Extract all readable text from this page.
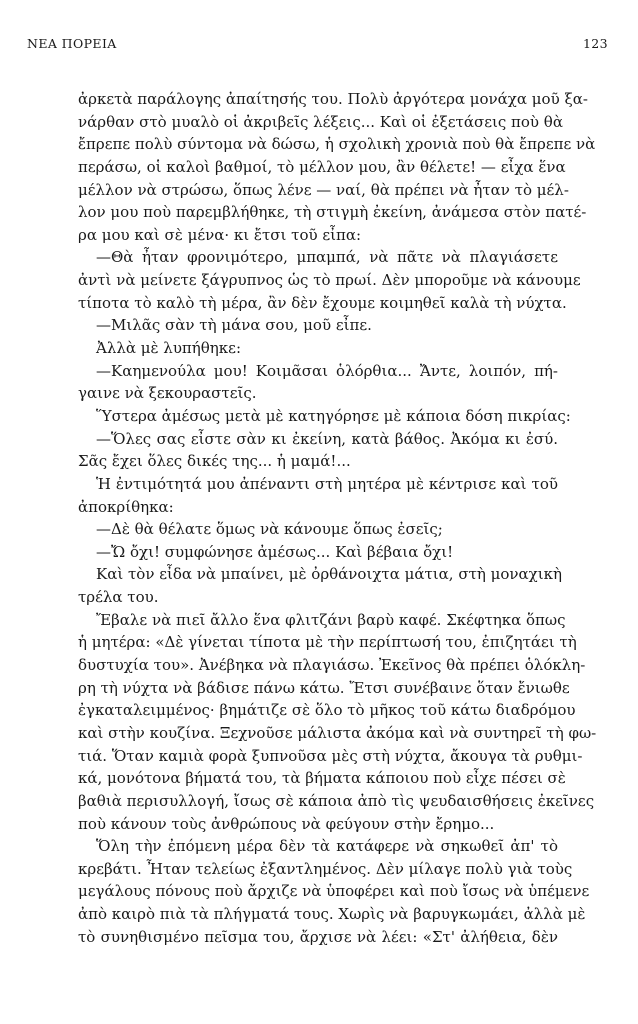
ΝΕΑ ΠΟΡΕΙΑ	123
ἀρκετὰ παράλογης ἀπαίτησής του. Πολὺ ἀργότερα μονάχα μοῦ ξα-
νάρθαν στὸ μυαλὸ οἱ ἀκριβεῖς λέξεις... Καὶ οἱ ἐξετάσεις ποὺ θὰ
ἔπρεπε πολὺ σύντομα νὰ δώσω, ἡ σχολικὴ χρονιὰ ποὺ θὰ ἔπρεπε νὰ
περάσω, οἱ καλοὶ βαθμοί, τὸ μέλλον μου, ἂν θέλετε! — εἶχα ἕνα
μέλλον νὰ στρώσω, ὅπως λένε — ναί, θὰ πρέπει νὰ ἦταν τὸ μέλ-
λον μου ποὺ παρεμβλήθηκε, τὴ στιγμὴ ἐκείνη, ἀνάμεσα στὸν πατέ-
ρα μου καὶ σὲ μένα· κι ἔτσι τοῦ εἶπα:
—Θὰ ἦταν φρονιμότερο, μπαμπά, νὰ πᾶτε νὰ πλαγιάσετε
ἀντὶ νὰ μείνετε ξάγρυπνος ὡς τὸ πρωί. Δὲν μποροῦμε νὰ κάνουμε
τίποτα τὸ καλὸ τὴ μέρα, ἂν δὲν ἔχουμε κοιμηθεῖ καλὰ τὴ νύχτα.
—Μιλᾶς σὰν τὴ μάνα σου, μοῦ εἶπε.
Ἀλλὰ μὲ λυπήθηκε:
—Καημενούλα μου! Κοιμᾶσαι ὁλόρθια... Ἄντε, λοιπόν, πή-
γαινε νὰ ξεκουραστεῖς.
Ὕστερα ἀμέσως μετὰ μὲ κατηγόρησε μὲ κάποια δόση πικρίας:
—Ὅλες σας εἶστε σὰν κι ἐκείνη, κατὰ βάθος. Ἀκόμα κι ἐσύ.
Σᾶς ἔχει ὅλες δικές της... ἡ μαμά!...
Ἡ ἐντιμότητά μου ἀπέναντι στὴ μητέρα μὲ κέντρισε καὶ τοῦ
ἀποκρίθηκα:
—Δὲ θὰ θέλατε ὅμως νὰ κάνουμε ὅπως ἐσεῖς;
—Ὤ ὄχι! συμφώνησε ἀμέσως... Καὶ βέβαια ὄχι!
Καὶ τὸν εἶδα νὰ μπαίνει, μὲ ὀρθάνοιχτα μάτια, στὴ μοναχικὴ
τρέλα του.
Ἔβαλε νὰ πιεῖ ἄλλο ἕνα φλιτζάνι βαρὺ καφέ. Σκέφτηκα ὅπως
ἡ μητέρα: «Δὲ γίνεται τίποτα μὲ τὴν περίπτωσή του, ἐπιζητάει τὴ
δυστυχία του». Ἀνέβηκα νὰ πλαγιάσω. Ἐκεῖνος θὰ πρέπει ὁλόκλη-
ρη τὴ νύχτα νὰ βάδισε πάνω κάτω. Ἔτσι συνέβαινε ὅταν ἔνιωθε
ἐγκαταλειμμένος· βημάτιζε σὲ ὅλο τὸ μῆκος τοῦ κάτω διαδρόμου
καὶ στὴν κουζίνα. Ξεχνοῦσε μάλιστα ἀκόμα καὶ νὰ συντηρεῖ τὴ φω-
τιά. Ὅταν καμιὰ φορὰ ξυπνοῦσα μὲς στὴ νύχτα, ἄκουγα τὰ ρυθμι-
κά, μονότονα βήματά του, τὰ βήματα κάποιου ποὺ εἶχε πέσει σὲ
βαθιὰ περισυλλογή, ἴσως σὲ κάποια ἀπὸ τὶς ψευδαισθήσεις ἐκεῖνες
ποὺ κάνουν τοὺς ἀνθρώπους νὰ φεύγουν στὴν ἔρημο...
Ὅλη τὴν ἐπόμενη μέρα δὲν τὰ κατάφερε νὰ σηκωθεῖ ἀπ' τὸ
κρεβάτι. Ἦταν τελείως ἐξαντλημένος. Δὲν μίλαγε πολὺ γιὰ τοὺς
μεγάλους πόνους ποὺ ἄρχιζε νὰ ὑποφέρει καὶ ποὺ ἴσως νὰ ὑπέμενε
ἀπὸ καιρὸ πιὰ τὰ πλήγματά τους. Χωρὶς νὰ βαρυγκωμάει, ἀλλὰ μὲ
τὸ συνηθισμένο πεῖσμα του, ἄρχισε νὰ λέει: «Στ' ἀλήθεια, δὲν
